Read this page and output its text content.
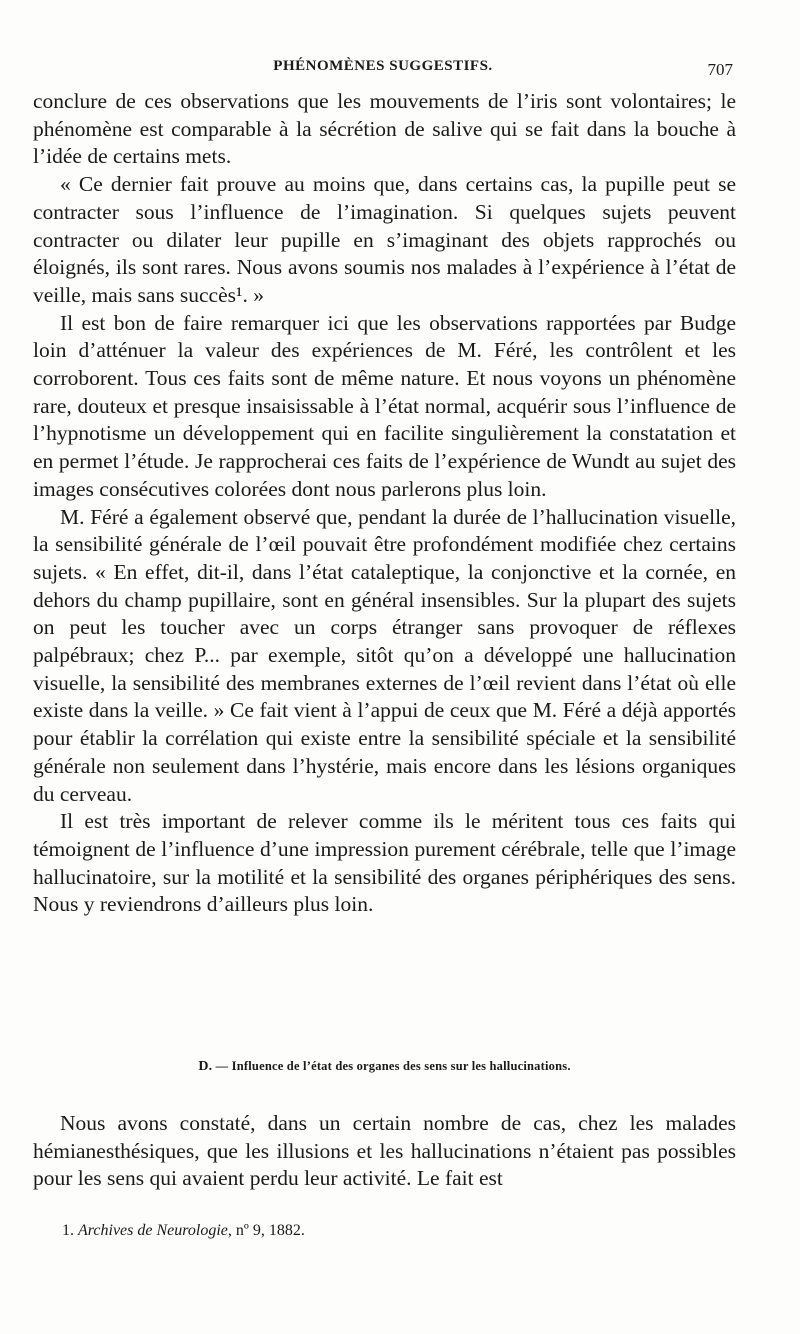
PHÉNOMÈNES SUGGESTIFS.	707

conclure de ces observations que les mouvements de l’iris sont volontaires; le phénomène est comparable à la sécrétion de salive qui se fait dans la bouche à l’idée de certains mets.

« Ce dernier fait prouve au moins que, dans certains cas, la pupille peut se contracter sous l’influence de l’imagination. Si quelques sujets peuvent contracter ou dilater leur pupille en s’imaginant des objets rapprochés ou éloignés, ils sont rares. Nous avons soumis nos malades à l’expérience à l’état de veille, mais sans succès¹. »

Il est bon de faire remarquer ici que les observations rapportées par Budge loin d’atténuer la valeur des expériences de M. Féré, les contrôlent et les corroborent. Tous ces faits sont de même nature. Et nous voyons un phénomène rare, douteux et presque insaisissable à l’état normal, acquérir sous l’influence de l’hypnotisme un développement qui en facilite singulièrement la constatation et en permet l’étude. Je rapprocherai ces faits de l’expérience de Wundt au sujet des images consécutives colorées dont nous parlerons plus loin.

M. Féré a également observé que, pendant la durée de l’hallucination visuelle, la sensibilité générale de l’œil pouvait être profondément modifiée chez certains sujets. « En effet, dit-il, dans l’état cataleptique, la conjonctive et la cornée, en dehors du champ pupillaire, sont en général insensibles. Sur la plupart des sujets on peut les toucher avec un corps étranger sans provoquer de réflexes palpébraux; chez P... par exemple, sitôt qu’on a développé une hallucination visuelle, la sensibilité des membranes externes de l’œil revient dans l’état où elle existe dans la veille. » Ce fait vient à l’appui de ceux que M. Féré a déjà apportés pour établir la corrélation qui existe entre la sensibilité spéciale et la sensibilité générale non seulement dans l’hystérie, mais encore dans les lésions organiques du cerveau.

Il est très important de relever comme ils le méritent tous ces faits qui témoignent de l’influence d’une impression purement cérébrale, telle que l’image hallucinatoire, sur la motilité et la sensibilité des organes périphériques des sens. Nous y reviendrons d’ailleurs plus loin.

D. — Influence de l’état des organes des sens sur les hallucinations.

Nous avons constaté, dans un certain nombre de cas, chez les malades hémianesthésiques, que les illusions et les hallucinations n’étaient pas possibles pour les sens qui avaient perdu leur activité. Le fait est

1. Archives de Neurologie, nº 9, 1882.
